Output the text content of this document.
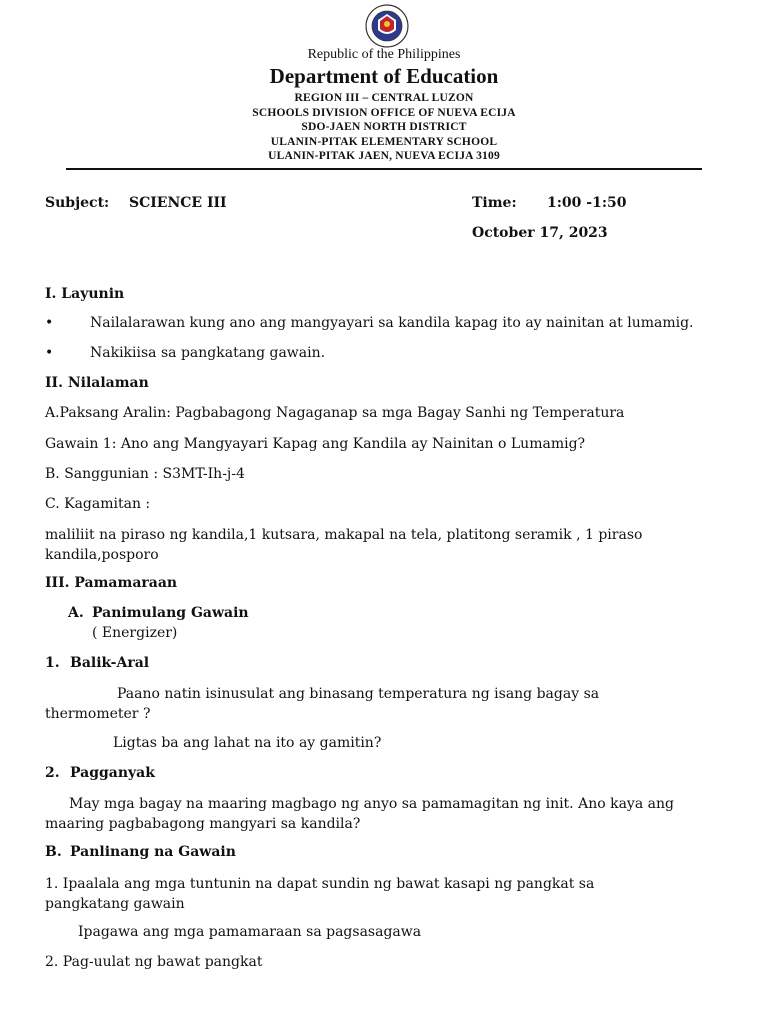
Republic of the Philippines
Department of Education
REGION III – CENTRAL LUZON
SCHOOLS DIVISION OFFICE OF NUEVA ECIJA
SDO-JAEN NORTH DISTRICT
ULANIN-PITAK ELEMENTARY SCHOOL
ULANIN-PITAK JAEN, NUEVA ECIJA 3109
Subject: SCIENCE III	Time: 1:00 -1:50
October 17, 2023
I. Layunin
•	Nailalarawan kung ano ang mangyayari sa kandila kapag ito ay nainitan at lumamig.
•	Nakikiisa sa pangkatang gawain.
II. Nilalaman
A.Paksang Aralin: Pagbabagong Nagaganap sa mga Bagay Sanhi ng Temperatura
Gawain 1: Ano ang Mangyayari Kapag ang Kandila ay Nainitan o Lumamig?
B. Sanggunian : S3MT-Ih-j-4
C. Kagamitan :
maliliit na piraso ng kandila,1 kutsara, makapal na tela, platitong seramik , 1 piraso kandila,posporo
III. Pamamaraan
A. Panimulang Gawain
( Energizer)
1. Balik-Aral
Paano natin isinusulat ang binasang temperatura ng isang bagay sa thermometer ?
Ligtas ba ang lahat na ito ay gamitin?
2. Pagganyak
May mga bagay na maaring magbago ng anyo sa pamamagitan ng init. Ano kaya ang maaring pagbabagong mangyari sa kandila?
B. Panlinang na Gawain
1. Ipaalala ang mga tuntunin na dapat sundin ng bawat kasapi ng pangkat sa pangkatang gawain
Ipagawa ang mga pamamaraan sa pagsasagawa
2. Pag-uulat ng bawat pangkat
